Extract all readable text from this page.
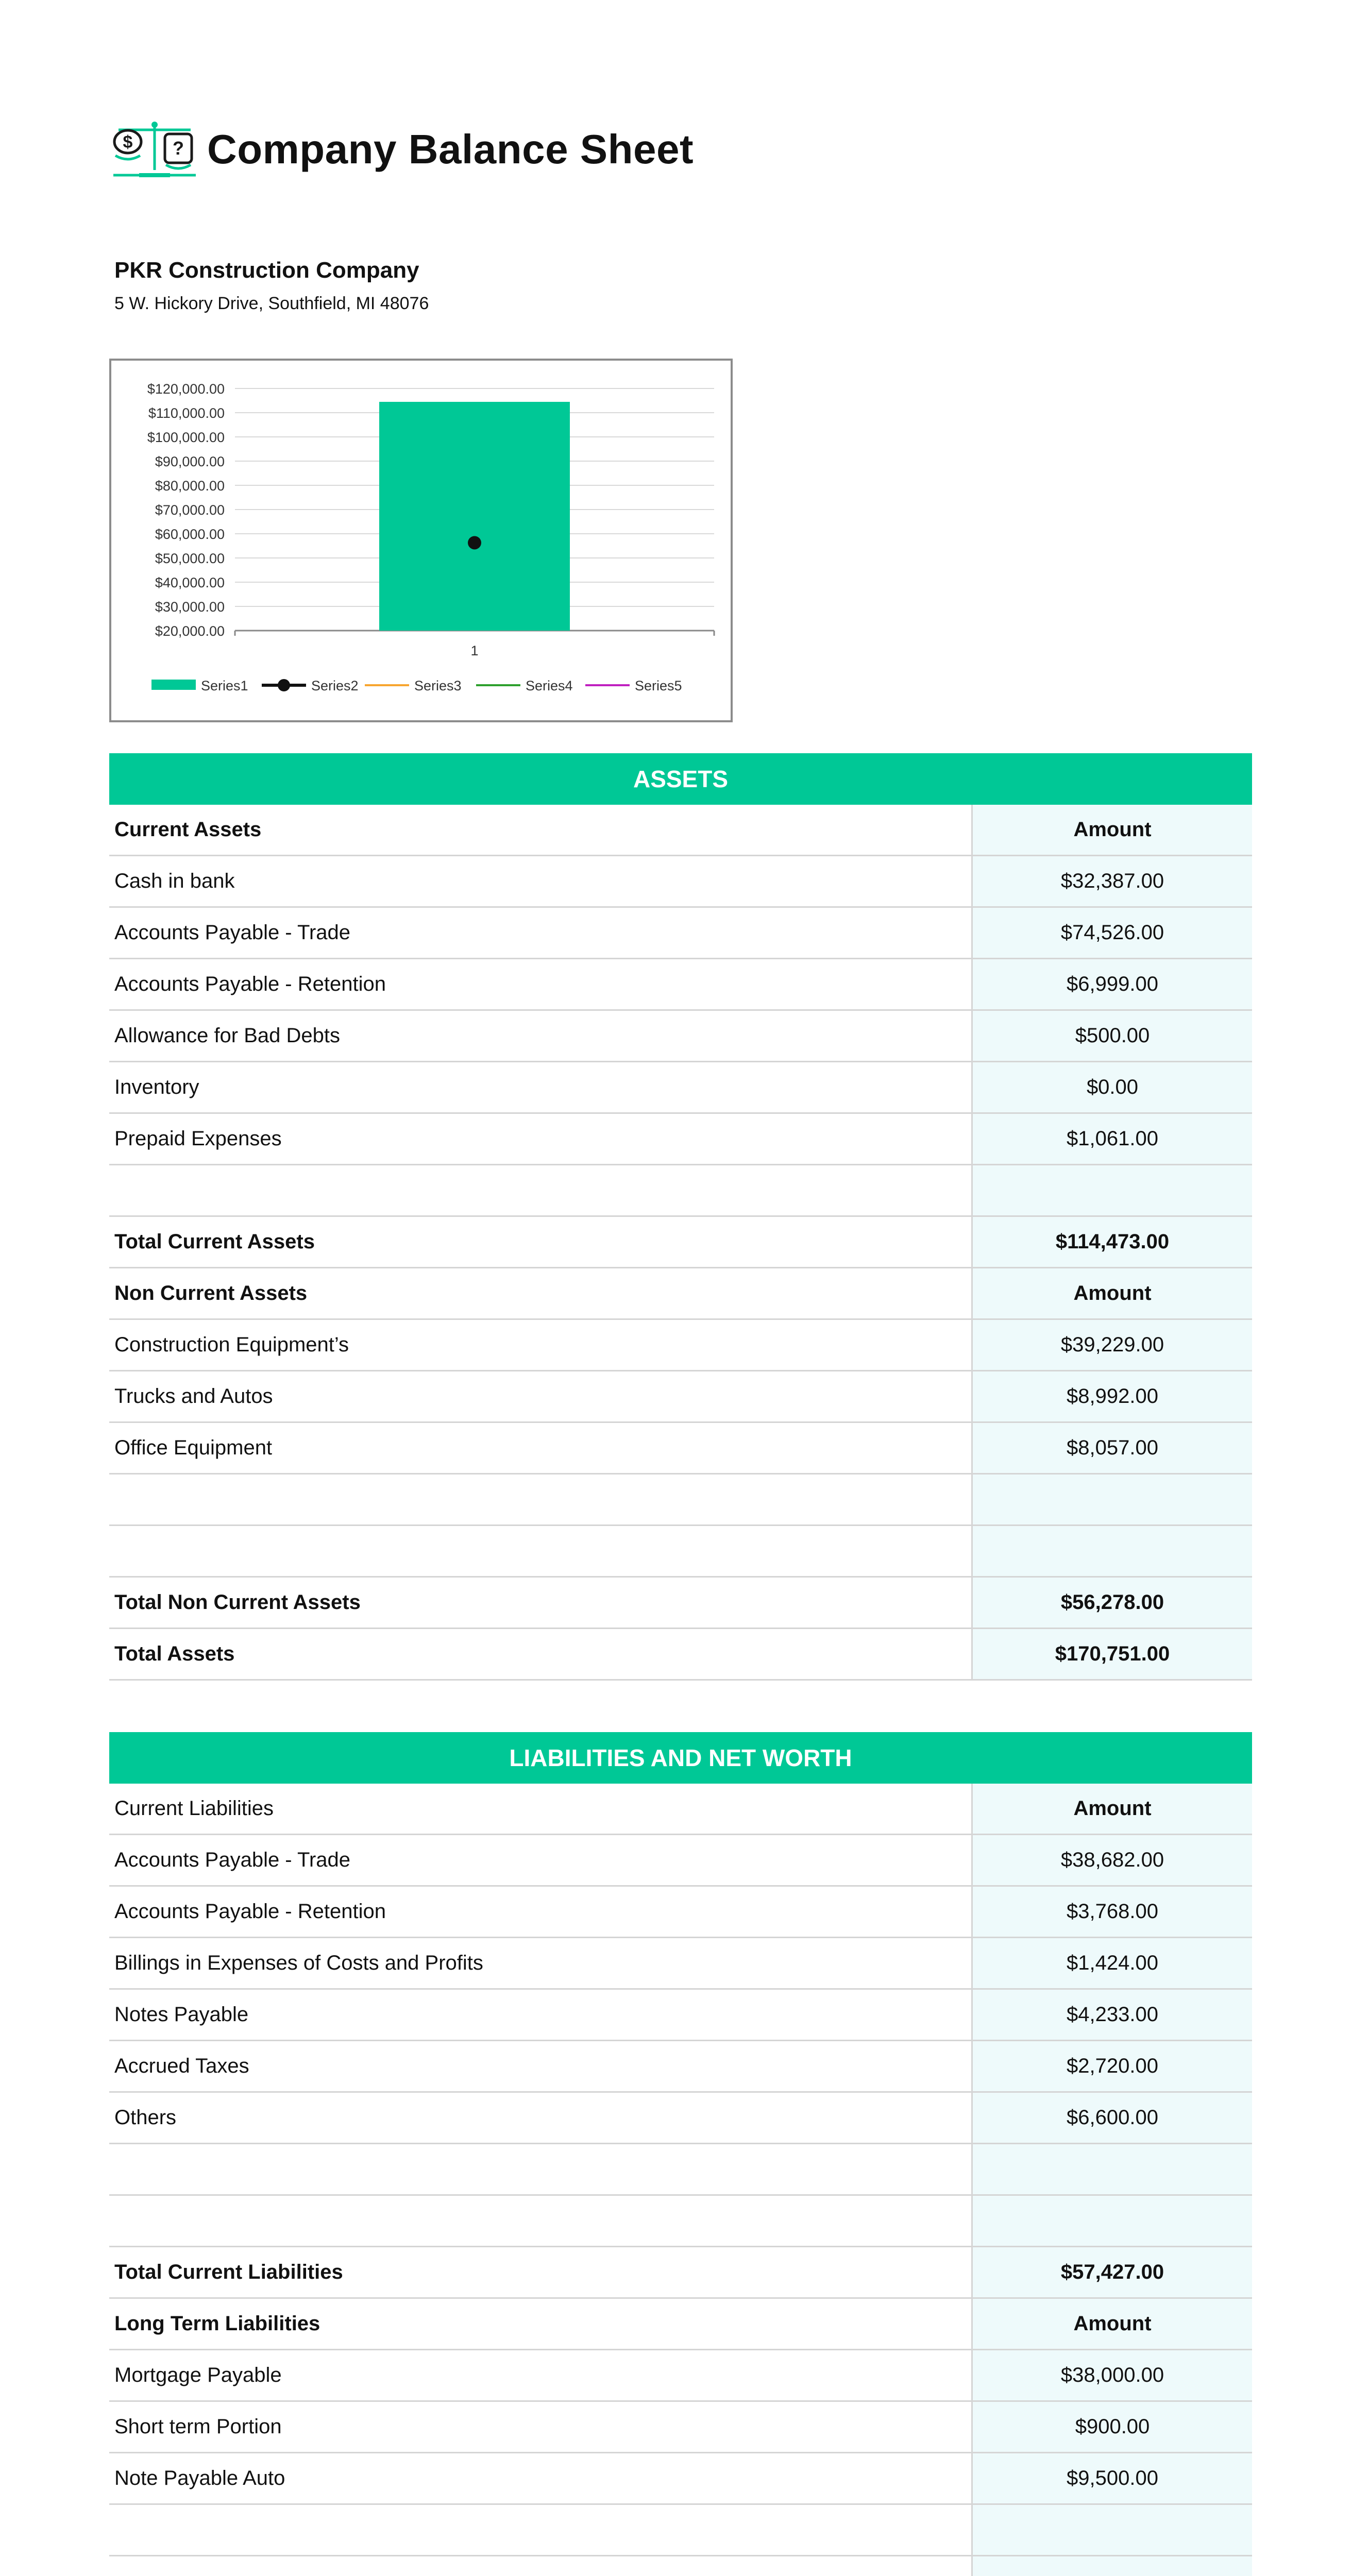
$ ? Company Balance Sheet
PKR Construction Company
5 W. Hickory Drive, Southfield, MI 48076
$120,000.00
$110,000.00
$100,000.00
$90,000.00
$80,000.00
$70,000.00
$60,000.00
$50,000.00
$40,000.00
$30,000.00
$20,000.00
1
Series1	Series2	Series3	Series4	Series5
ASSETS
Current Assets	Amount
Cash in bank	$32,387.00
Accounts Payable - Trade	$74,526.00
Accounts Payable - Retention	$6,999.00
Allowance for Bad Debts	$500.00
Inventory	$0.00
Prepaid Expenses	$1,061.00
Total Current Assets	$114,473.00
Non Current Assets	Amount
Construction Equipment’s	$39,229.00
Trucks and Autos	$8,992.00
Office Equipment	$8,057.00
Total Non Current Assets	$56,278.00
Total Assets	$170,751.00
LIABILITIES AND NET WORTH
Current Liabilities	Amount
Accounts Payable - Trade	$38,682.00
Accounts Payable - Retention	$3,768.00
Billings in Expenses of Costs and Profits	$1,424.00
Notes Payable	$4,233.00
Accrued Taxes	$2,720.00
Others	$6,600.00
Total Current Liabilities	$57,427.00
Long Term Liabilities	Amount
Mortgage Payable	$38,000.00
Short term Portion	$900.00
Note Payable Auto	$9,500.00
